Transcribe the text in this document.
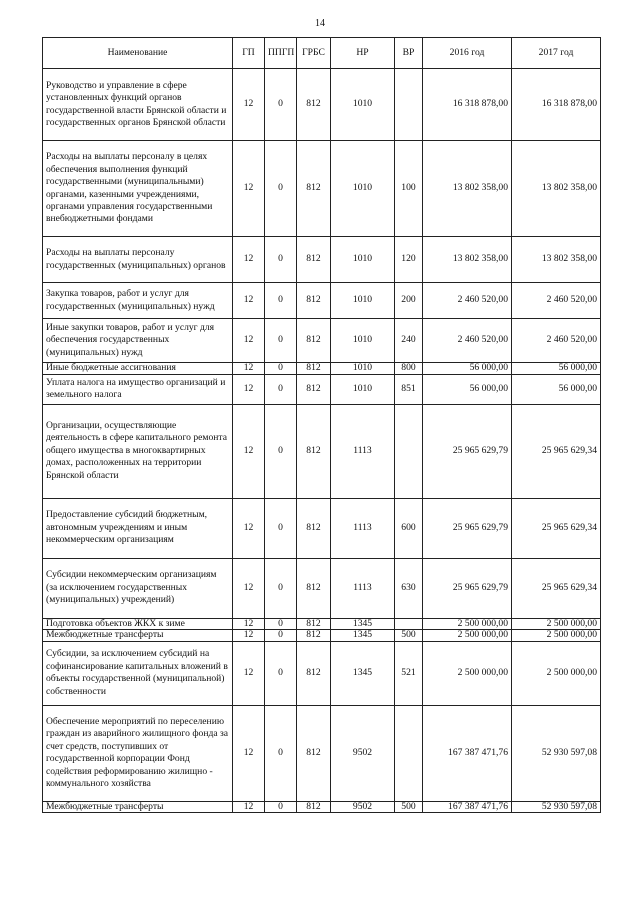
14
Наименование	ГП	ППГП	ГРБС	НР	ВР	2016 год	2017 год
Руководство и управление в сфере установленных функций органов государственной власти Брянской области и государственных органов Брянской области	12	0	812	1010		16 318 878,00	16 318 878,00
Расходы на выплаты персоналу в целях обеспечения выполнения функций государственными (муниципальными) органами, казенными учреждениями, органами управления государственными внебюджетными фондами	12	0	812	1010	100	13 802 358,00	13 802 358,00
Расходы на выплаты персоналу государственных (муниципальных) органов	12	0	812	1010	120	13 802 358,00	13 802 358,00
Закупка товаров, работ и услуг для государственных (муниципальных) нужд	12	0	812	1010	200	2 460 520,00	2 460 520,00
Иные закупки товаров, работ и услуг для обеспечения государственных (муниципальных) нужд	12	0	812	1010	240	2 460 520,00	2 460 520,00
Иные бюджетные ассигнования	12	0	812	1010	800	56 000,00	56 000,00
Уплата налога на имущество организаций и земельного налога	12	0	812	1010	851	56 000,00	56 000,00
Организации, осуществляющие деятельность в сфере капитального ремонта общего имущества в многоквартирных домах, расположенных на территории Брянской области	12	0	812	1113		25 965 629,79	25 965 629,34
Предоставление субсидий бюджетным, автономным учреждениям и иным некоммерческим организациям	12	0	812	1113	600	25 965 629,79	25 965 629,34
Субсидии некоммерческим организациям (за исключением государственных (муниципальных) учреждений)	12	0	812	1113	630	25 965 629,79	25 965 629,34
Подготовка объектов ЖКХ к зиме	12	0	812	1345		2 500 000,00	2 500 000,00
Межбюджетные трансферты	12	0	812	1345	500	2 500 000,00	2 500 000,00
Субсидии, за исключением субсидий на софинансирование капитальных вложений в объекты государственной (муниципальной) собственности	12	0	812	1345	521	2 500 000,00	2 500 000,00
Обеспечение мероприятий по переселению граждан из аварийного жилищного фонда за счет средств, поступивших от государственной корпорации Фонд содействия реформированию жилищно - коммунального хозяйства	12	0	812	9502		167 387 471,76	52 930 597,08
Межбюджетные трансферты	12	0	812	9502	500	167 387 471,76	52 930 597,08
